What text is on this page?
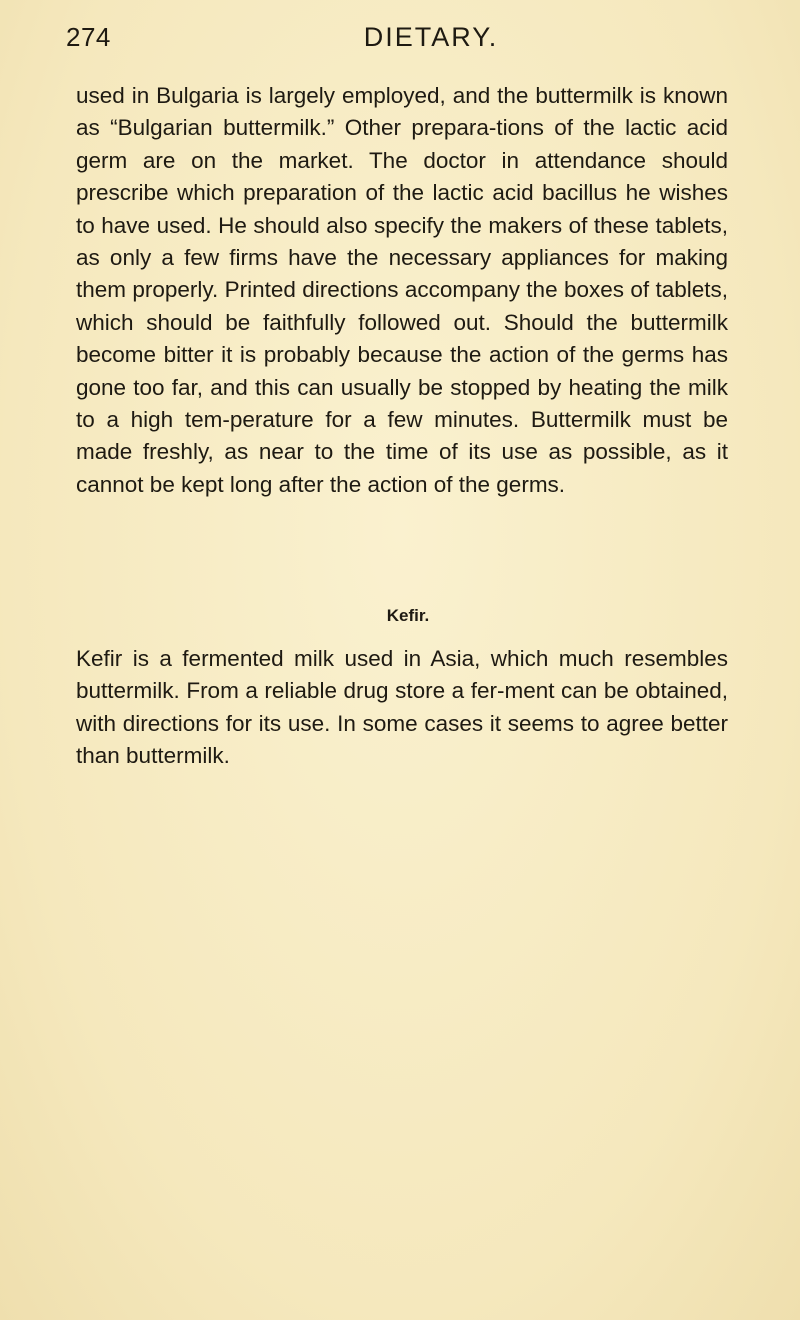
274	DIETARY.

used in Bulgaria is largely employed, and the buttermilk is known as “Bulgarian buttermilk.” Other prepara-tions of the lactic acid germ are on the market. The doctor in attendance should prescribe which preparation of the lactic acid bacillus he wishes to have used. He should also specify the makers of these tablets, as only a few firms have the necessary appliances for making them properly. Printed directions accompany the boxes of tablets, which should be faithfully followed out. Should the buttermilk become bitter it is probably because the action of the germs has gone too far, and this can usually be stopped by heating the milk to a high tem-perature for a few minutes. Buttermilk must be made freshly, as near to the time of its use as possible, as it cannot be kept long after the action of the germs.

Kefir.

Kefir is a fermented milk used in Asia, which much resembles buttermilk. From a reliable drug store a fer-ment can be obtained, with directions for its use. In some cases it seems to agree better than buttermilk.
